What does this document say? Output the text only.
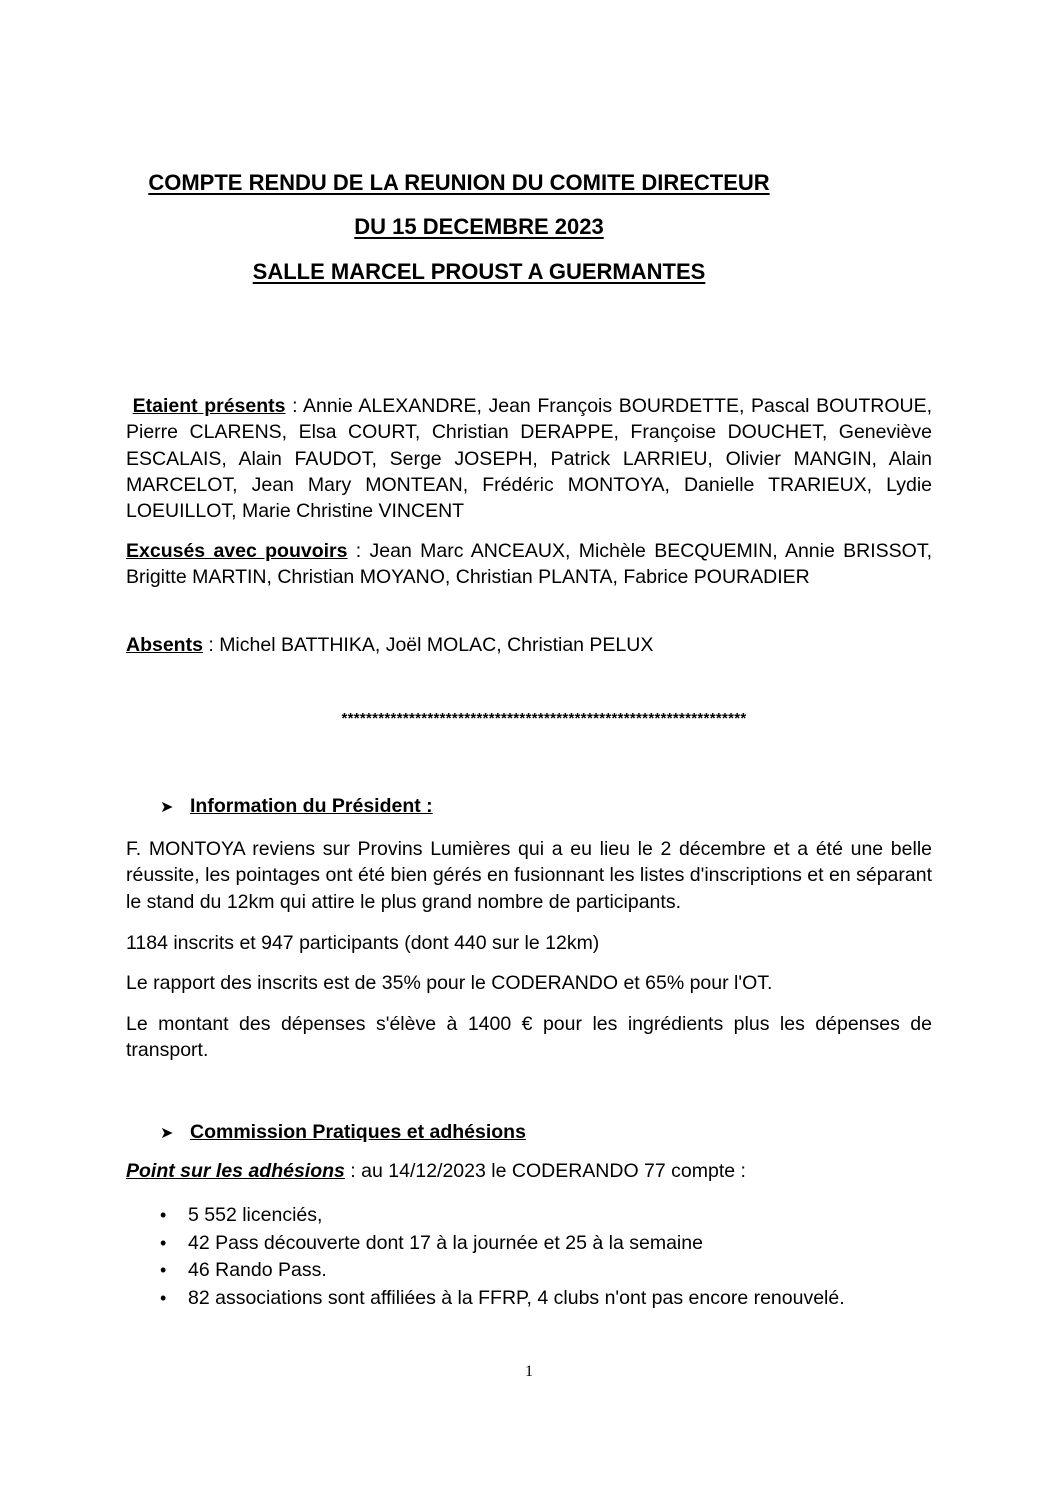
COMPTE RENDU DE LA REUNION DU COMITE DIRECTEUR
DU 15 DECEMBRE 2023
SALLE MARCEL PROUST A GUERMANTES
Etaient présents : Annie ALEXANDRE, Jean François BOURDETTE, Pascal BOUTROUE, Pierre CLARENS, Elsa COURT, Christian DERAPPE, Françoise DOUCHET, Geneviève ESCALAIS, Alain FAUDOT, Serge JOSEPH, Patrick LARRIEU, Olivier MANGIN, Alain MARCELOT, Jean Mary MONTEAN, Frédéric MONTOYA, Danielle TRARIEUX, Lydie LOEUILLOT, Marie Christine VINCENT
Excusés avec pouvoirs : Jean Marc ANCEAUX, Michèle BECQUEMIN, Annie BRISSOT, Brigitte MARTIN, Christian MOYANO, Christian PLANTA, Fabrice POURADIER
Absents : Michel BATTHIKA, Joël MOLAC, Christian PELUX
******************************************************************
➤ Information du Président :
F. MONTOYA reviens sur Provins Lumières qui a eu lieu le 2 décembre et a été une belle réussite, les pointages ont été bien gérés en fusionnant les listes d'inscriptions et en séparant le stand du 12km qui attire le plus grand nombre de participants.
1184 inscrits et 947 participants (dont 440 sur le 12km)
Le rapport des inscrits est de 35% pour le CODERANDO et 65% pour l'OT.
Le montant des dépenses s'élève à 1400 € pour les ingrédients plus les dépenses de transport.
➤ Commission Pratiques et adhésions
Point sur les adhésions : au 14/12/2023 le CODERANDO 77 compte :
• 5 552 licenciés,
• 42 Pass découverte dont 17 à la journée et 25 à la semaine
• 46 Rando Pass.
• 82 associations sont affiliées à la FFRP, 4 clubs n'ont pas encore renouvelé.
1
